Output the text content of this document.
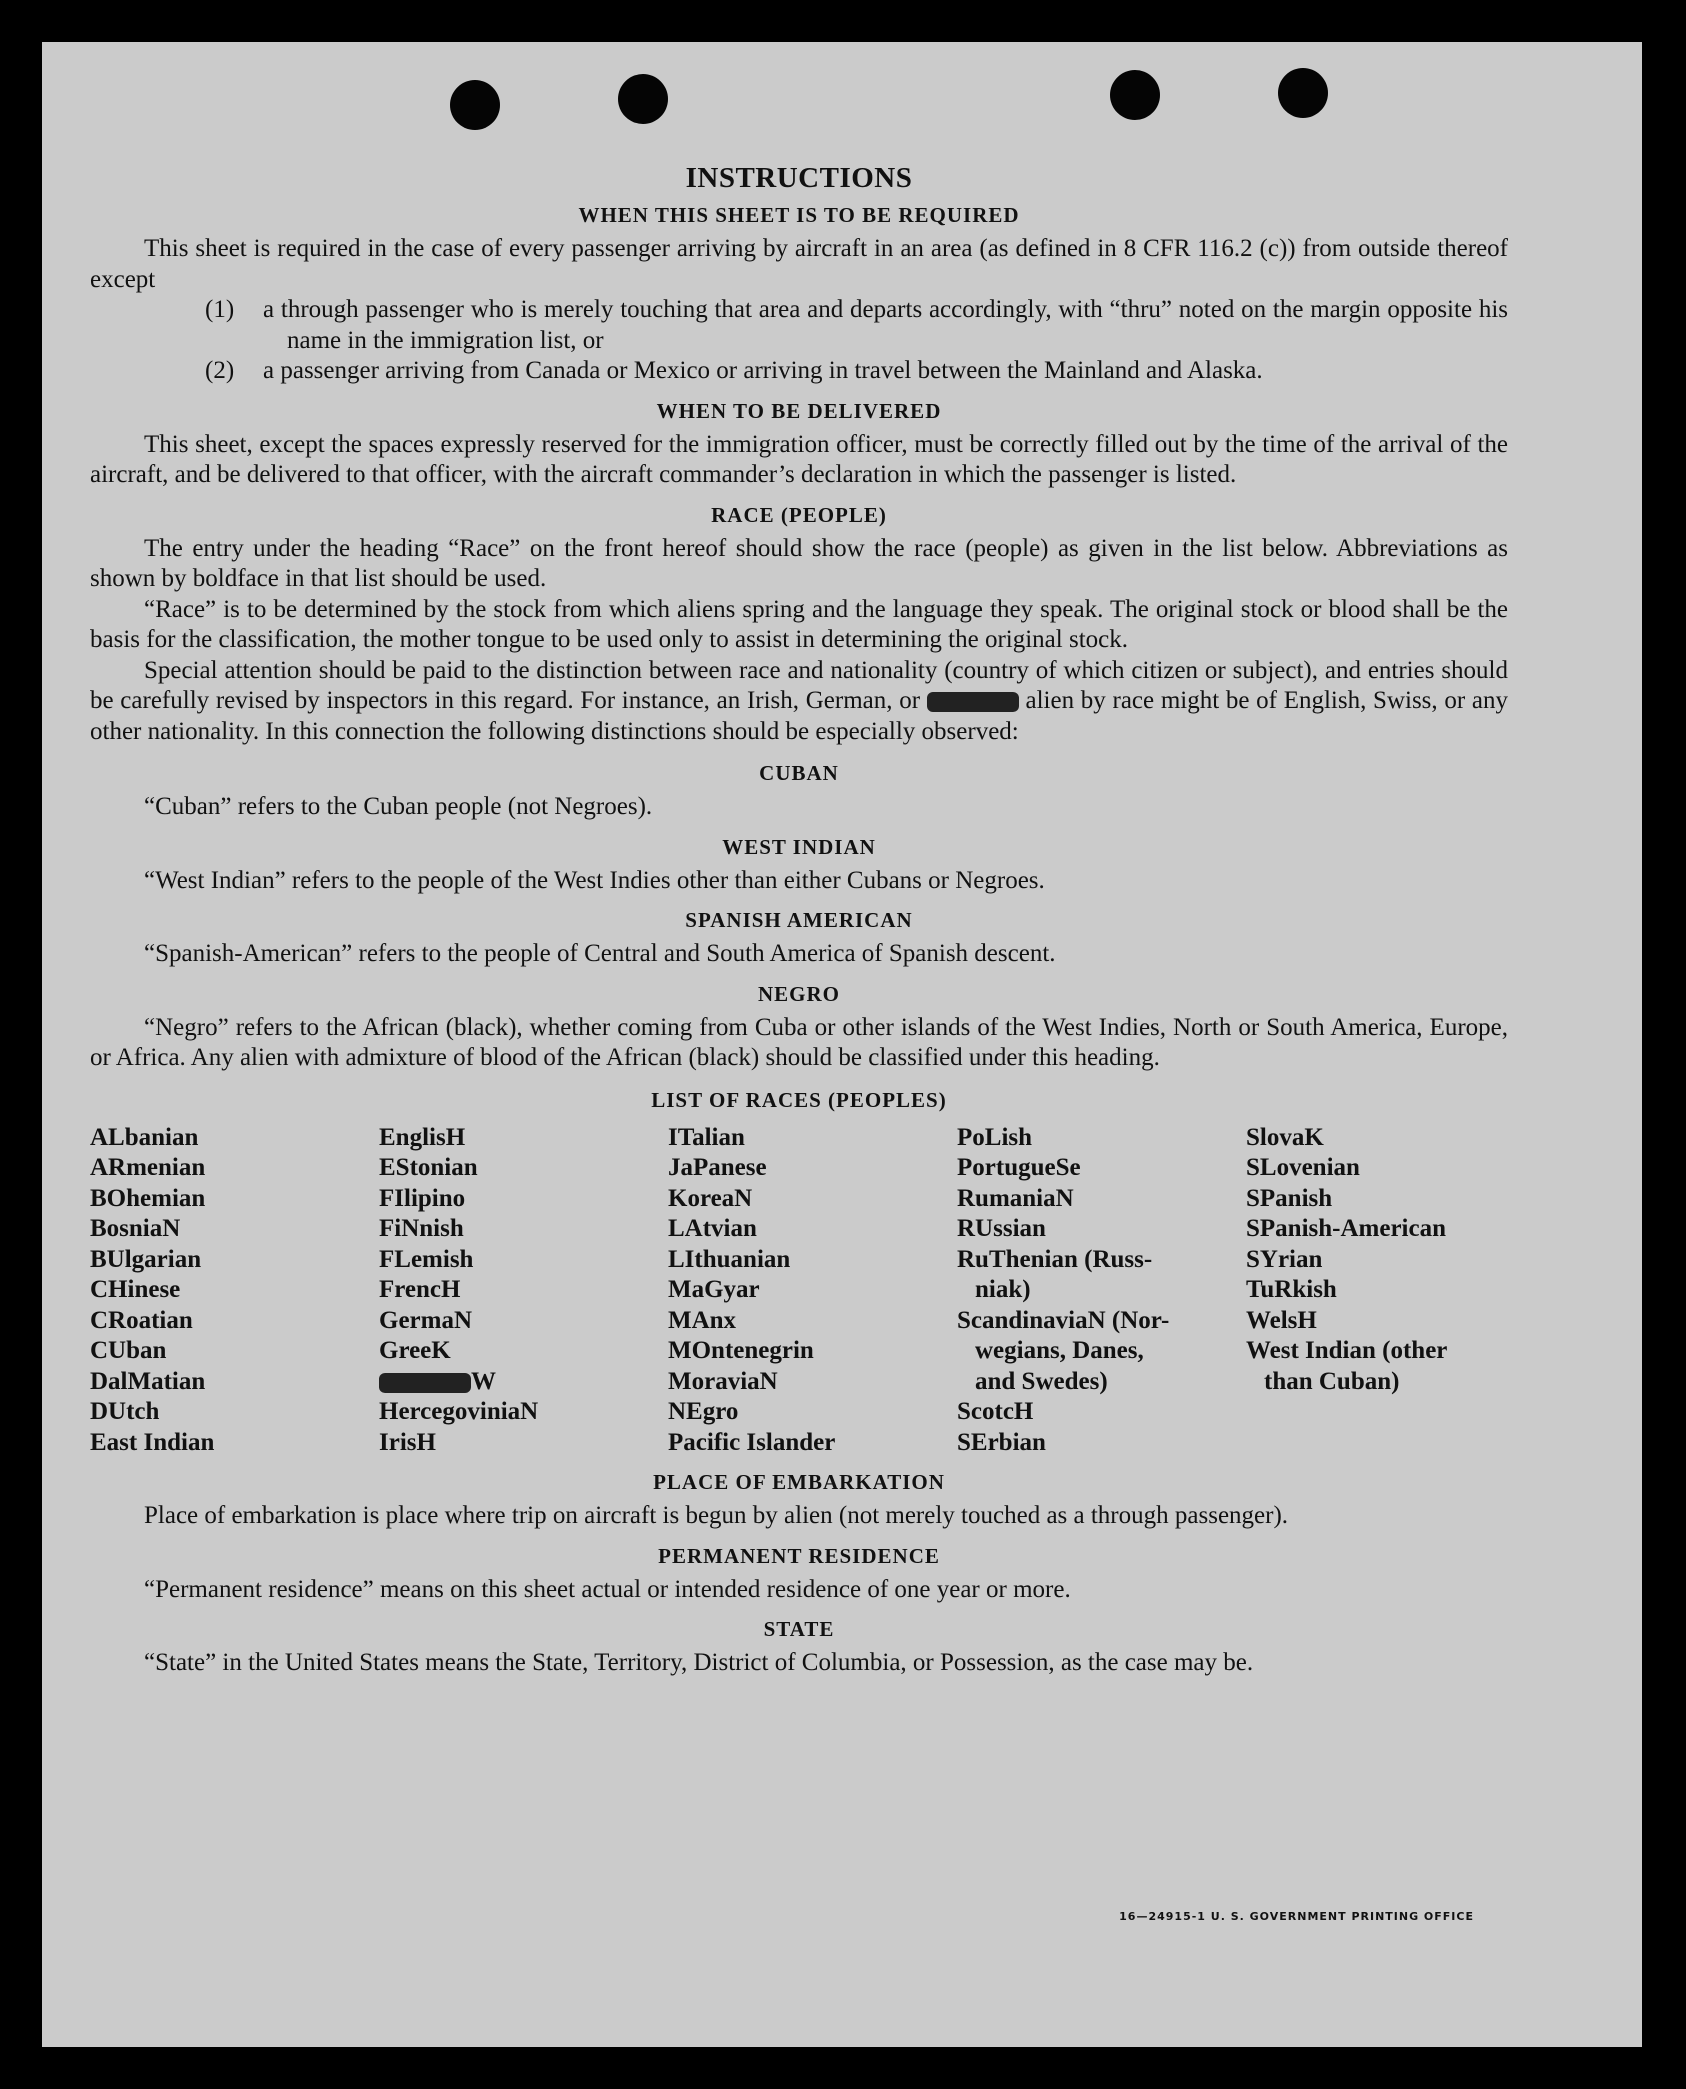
INSTRUCTIONS
WHEN THIS SHEET IS TO BE REQUIRED

This sheet is required in the case of every passenger arriving by aircraft in an area (as defined in 8 CFR 116.2 (c)) from outside thereof except

(1) a through passenger who is merely touching that area and departs accordingly, with “thru” noted on the margin opposite his name in the immigration list, or

(2) a passenger arriving from Canada or Mexico or arriving in travel between the Mainland and Alaska.

WHEN TO BE DELIVERED

This sheet, except the spaces expressly reserved for the immigration officer, must be correctly filled out by the time of the arrival of the aircraft, and be delivered to that officer, with the aircraft commander’s declaration in which the passenger is listed.

RACE (PEOPLE)

The entry under the heading “Race” on the front hereof should show the race (people) as given in the list below. Abbreviations as shown by boldface in that list should be used.

“Race” is to be determined by the stock from which aliens spring and the language they speak. The original stock or blood shall be the basis for the classification, the mother tongue to be used only to assist in determining the original stock.

Special attention should be paid to the distinction between race and nationality (country of which citizen or subject), and entries should be carefully revised by inspectors in this regard. For instance, an Irish, German, or	alien by race might be of English, Swiss, or any other nationality. In this connection the following distinctions should be especially observed:

CUBAN

“Cuban” refers to the Cuban people (not Negroes).

WEST INDIAN

“West Indian” refers to the people of the West Indies other than either Cubans or Negroes.

SPANISH AMERICAN

“Spanish-American” refers to the people of Central and South America of Spanish descent.

NEGRO

“Negro” refers to the African (black), whether coming from Cuba or other islands of the West Indies, North or South America, Europe, or Africa. Any alien with admixture of blood of the African (black) should be classified under this heading.

LIST OF RACES (PEOPLES)
ALbanian
ARmenian
BOhemian
BosniaN
BUlgarian
CHinese
CRoatian
CUban
DalMatian
DUtch
East Indian
EnglisH
EStonian
FIlipino
FiNnish
FLemish
FrencH
GermaN
GreeK
W
HercegoviniaN
IrisH
ITalian
JaPanese
KoreaN
LAtvian
LIthuanian
MaGyar
MAnx
MOntenegrin
MoraviaN
NEgro
Pacific Islander
PoLish
PortugueSe
RumaniaN
RUssian
RuThenian (Russ-
niak)
ScandinaviaN (Nor-
wegians, Danes,
and Swedes)
ScotcH
SErbian
SlovaK
SLovenian
SPanish
SPanish-American
SYrian
TuRkish
WelsH
West Indian (other
than Cuban)
PLACE OF EMBARKATION

Place of embarkation is place where trip on aircraft is begun by alien (not merely touched as a through passenger).

PERMANENT RESIDENCE

“Permanent residence” means on this sheet actual or intended residence of one year or more.

STATE

“State” in the United States means the State, Territory, District of Columbia, or Possession, as the case may be.

16—24915-1 U. S. GOVERNMENT PRINTING OFFICE
